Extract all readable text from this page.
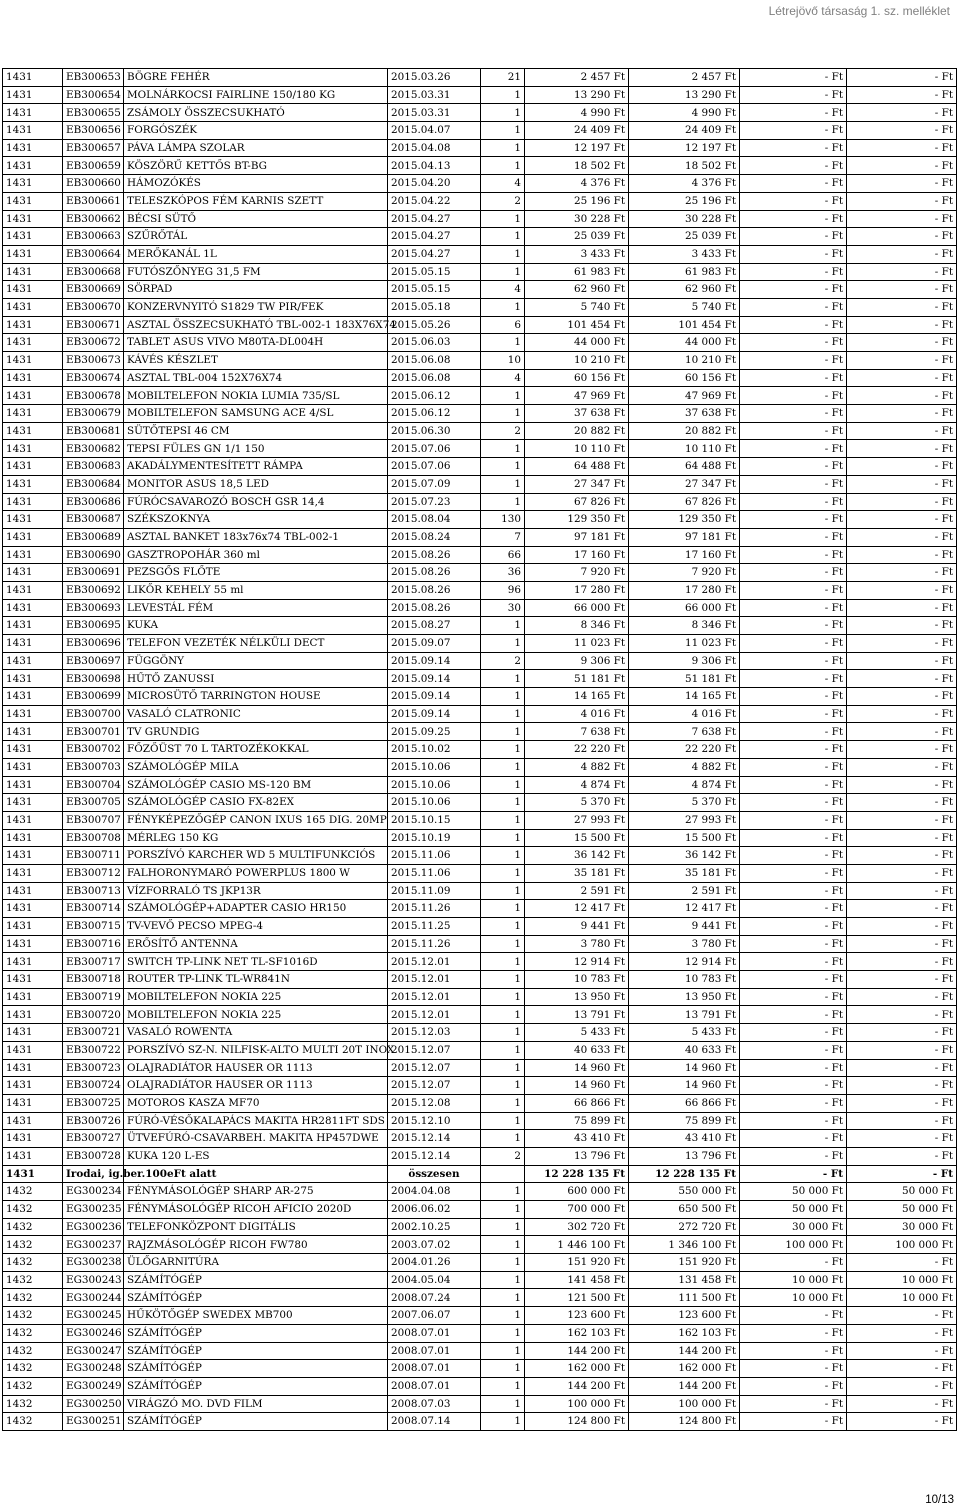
Létrejövő társaság 1. sz. melléklet
1431	EB300653	BÖGRE FEHÉR	2015.03.26	21	2 457 Ft	2 457 Ft	- Ft	- Ft
1431	EB300654	MOLNÁRKOCSI FAIRLINE 150/180 KG	2015.03.31	1	13 290 Ft	13 290 Ft	- Ft	- Ft
1431	EB300655	ZSÁMOLY ÖSSZECSUKHATÓ	2015.03.31	1	4 990 Ft	4 990 Ft	- Ft	- Ft
1431	EB300656	FORGÓSZÉK	2015.04.07	1	24 409 Ft	24 409 Ft	- Ft	- Ft
1431	EB300657	PÁVA LÁMPA SZOLAR	2015.04.08	1	12 197 Ft	12 197 Ft	- Ft	- Ft
1431	EB300659	KÖSZÖRŰ KETTŐS BT-BG	2015.04.13	1	18 502 Ft	18 502 Ft	- Ft	- Ft
1431	EB300660	HÁMOZÓKÉS	2015.04.20	4	4 376 Ft	4 376 Ft	- Ft	- Ft
1431	EB300661	TELESZKÓPOS FÉM KARNIS SZETT	2015.04.22	2	25 196 Ft	25 196 Ft	- Ft	- Ft
1431	EB300662	BÉCSI SÜTŐ	2015.04.27	1	30 228 Ft	30 228 Ft	- Ft	- Ft
1431	EB300663	SZŰRŐTÁL	2015.04.27	1	25 039 Ft	25 039 Ft	- Ft	- Ft
1431	EB300664	MERŐKANÁL 1L	2015.04.27	1	3 433 Ft	3 433 Ft	- Ft	- Ft
1431	EB300668	FUTÓSZŐNYEG 31,5 FM	2015.05.15	1	61 983 Ft	61 983 Ft	- Ft	- Ft
1431	EB300669	SÖRPAD	2015.05.15	4	62 960 Ft	62 960 Ft	- Ft	- Ft
1431	EB300670	KONZERVNYITÓ S1829 TW PIR/FEK	2015.05.18	1	5 740 Ft	5 740 Ft	- Ft	- Ft
1431	EB300671	ASZTAL ÖSSZECSUKHATÓ TBL-002-1 183X76X74	2015.05.26	6	101 454 Ft	101 454 Ft	- Ft	- Ft
1431	EB300672	TABLET ASUS VIVO M80TA-DL004H	2015.06.03	1	44 000 Ft	44 000 Ft	- Ft	- Ft
1431	EB300673	KÁVÉS KÉSZLET	2015.06.08	10	10 210 Ft	10 210 Ft	- Ft	- Ft
1431	EB300674	ASZTAL TBL-004 152X76X74	2015.06.08	4	60 156 Ft	60 156 Ft	- Ft	- Ft
1431	EB300678	MOBILTELEFON NOKIA LUMIA 735/SL	2015.06.12	1	47 969 Ft	47 969 Ft	- Ft	- Ft
1431	EB300679	MOBILTELEFON SAMSUNG ACE 4/SL	2015.06.12	1	37 638 Ft	37 638 Ft	- Ft	- Ft
1431	EB300681	SÜTŐTEPSI 46 CM	2015.06.30	2	20 882 Ft	20 882 Ft	- Ft	- Ft
1431	EB300682	TEPSI FÜLES GN 1/1 150	2015.07.06	1	10 110 Ft	10 110 Ft	- Ft	- Ft
1431	EB300683	AKADÁLYMENTESÍTETT RÁMPA	2015.07.06	1	64 488 Ft	64 488 Ft	- Ft	- Ft
1431	EB300684	MONITOR ASUS 18,5 LED	2015.07.09	1	27 347 Ft	27 347 Ft	- Ft	- Ft
1431	EB300686	FÚRÓCSAVAROZÓ BOSCH GSR 14,4	2015.07.23	1	67 826 Ft	67 826 Ft	- Ft	- Ft
1431	EB300687	SZÉKSZOKNYA	2015.08.04	130	129 350 Ft	129 350 Ft	- Ft	- Ft
1431	EB300689	ASZTAL BANKET 183x76x74 TBL-002-1	2015.08.24	7	97 181 Ft	97 181 Ft	- Ft	- Ft
1431	EB300690	GASZTROPOHÁR 360 ml	2015.08.26	66	17 160 Ft	17 160 Ft	- Ft	- Ft
1431	EB300691	PEZSGŐS FLŐTE	2015.08.26	36	7 920 Ft	7 920 Ft	- Ft	- Ft
1431	EB300692	LIKŐR KEHELY 55 ml	2015.08.26	96	17 280 Ft	17 280 Ft	- Ft	- Ft
1431	EB300693	LEVESTÁL FÉM	2015.08.26	30	66 000 Ft	66 000 Ft	- Ft	- Ft
1431	EB300695	KUKA	2015.08.27	1	8 346 Ft	8 346 Ft	- Ft	- Ft
1431	EB300696	TELEFON VEZETÉK NÉLKÜLI DECT	2015.09.07	1	11 023 Ft	11 023 Ft	- Ft	- Ft
1431	EB300697	FÜGGÖNY	2015.09.14	2	9 306 Ft	9 306 Ft	- Ft	- Ft
1431	EB300698	HŰTŐ ZANUSSI	2015.09.14	1	51 181 Ft	51 181 Ft	- Ft	- Ft
1431	EB300699	MICROSÜTŐ TARRINGTON HOUSE	2015.09.14	1	14 165 Ft	14 165 Ft	- Ft	- Ft
1431	EB300700	VASALÓ CLATRONIC	2015.09.14	1	4 016 Ft	4 016 Ft	- Ft	- Ft
1431	EB300701	TV GRUNDIG	2015.09.25	1	7 638 Ft	7 638 Ft	- Ft	- Ft
1431	EB300702	FŐZŐÜST 70 L TARTOZÉKOKKAL	2015.10.02	1	22 220 Ft	22 220 Ft	- Ft	- Ft
1431	EB300703	SZÁMOLÓGÉP MILA	2015.10.06	1	4 882 Ft	4 882 Ft	- Ft	- Ft
1431	EB300704	SZÁMOLÓGÉP CASIO MS-120 BM	2015.10.06	1	4 874 Ft	4 874 Ft	- Ft	- Ft
1431	EB300705	SZÁMOLÓGÉP CASIO FX-82EX	2015.10.06	1	5 370 Ft	5 370 Ft	- Ft	- Ft
1431	EB300707	FÉNYKÉPEZŐGÉP CANON IXUS 165 DIG. 20MP	2015.10.15	1	27 993 Ft	27 993 Ft	- Ft	- Ft
1431	EB300708	MÉRLEG 150 KG	2015.10.19	1	15 500 Ft	15 500 Ft	- Ft	- Ft
1431	EB300711	PORSZÍVÓ KARCHER WD 5 MULTIFUNKCIÓS	2015.11.06	1	36 142 Ft	36 142 Ft	- Ft	- Ft
1431	EB300712	FALHORONYMARÓ POWERPLUS 1800 W	2015.11.06	1	35 181 Ft	35 181 Ft	- Ft	- Ft
1431	EB300713	VÍZFORRALÓ TS JKP13R	2015.11.09	1	2 591 Ft	2 591 Ft	- Ft	- Ft
1431	EB300714	SZÁMOLÓGÉP+ADAPTER CASIO HR150	2015.11.26	1	12 417 Ft	12 417 Ft	- Ft	- Ft
1431	EB300715	TV-VEVŐ PECSO MPEG-4	2015.11.25	1	9 441 Ft	9 441 Ft	- Ft	- Ft
1431	EB300716	ERŐSÍTŐ ANTENNA	2015.11.26	1	3 780 Ft	3 780 Ft	- Ft	- Ft
1431	EB300717	SWITCH TP-LINK NET TL-SF1016D	2015.12.01	1	12 914 Ft	12 914 Ft	- Ft	- Ft
1431	EB300718	ROUTER TP-LINK TL-WR841N	2015.12.01	1	10 783 Ft	10 783 Ft	- Ft	- Ft
1431	EB300719	MOBILTELEFON NOKIA 225	2015.12.01	1	13 950 Ft	13 950 Ft	- Ft	- Ft
1431	EB300720	MOBILTELEFON NOKIA 225	2015.12.01	1	13 791 Ft	13 791 Ft	- Ft	- Ft
1431	EB300721	VASALÓ ROWENTA	2015.12.03	1	5 433 Ft	5 433 Ft	- Ft	- Ft
1431	EB300722	PORSZÍVÓ SZ-N. NILFISK-ALTO MULTI 20T INOX	2015.12.07	1	40 633 Ft	40 633 Ft	- Ft	- Ft
1431	EB300723	OLAJRADIÁTOR HAUSER OR 1113	2015.12.07	1	14 960 Ft	14 960 Ft	- Ft	- Ft
1431	EB300724	OLAJRADIÁTOR HAUSER OR 1113	2015.12.07	1	14 960 Ft	14 960 Ft	- Ft	- Ft
1431	EB300725	MOTOROS KASZA MF70	2015.12.08	1	66 866 Ft	66 866 Ft	- Ft	- Ft
1431	EB300726	FÚRÓ-VÉSŐKALAPÁCS MAKITA HR2811FT SDS	2015.12.10	1	75 899 Ft	75 899 Ft	- Ft	- Ft
1431	EB300727	ÜTVEFÚRÓ-CSAVARBEH. MAKITA HP457DWE	2015.12.14	1	43 410 Ft	43 410 Ft	- Ft	- Ft
1431	EB300728	KUKA 120 L-ES	2015.12.14	2	13 796 Ft	13 796 Ft	- Ft	- Ft
1431	Irodai, ig.ber.100eFt alatt		összesen		12 228 135 Ft	12 228 135 Ft	- Ft	- Ft
1432	EG300234	FÉNYMÁSOLÓGÉP SHARP AR-275	2004.04.08	1	600 000 Ft	550 000 Ft	50 000 Ft	50 000 Ft
1432	EG300235	FÉNYMÁSOLÓGÉP RICOH AFICIO 2020D	2006.06.02	1	700 000 Ft	650 500 Ft	50 000 Ft	50 000 Ft
1432	EG300236	TELEFONKÖZPONT DIGITÁLIS	2002.10.25	1	302 720 Ft	272 720 Ft	30 000 Ft	30 000 Ft
1432	EG300237	RAJZMÁSOLÓGÉP RICOH FW780	2003.07.02	1	1 446 100 Ft	1 346 100 Ft	100 000 Ft	100 000 Ft
1432	EG300238	ÜLŐGARNITÚRA	2004.01.26	1	151 920 Ft	151 920 Ft	- Ft	- Ft
1432	EG300243	SZÁMÍTÓGÉP	2004.05.04	1	141 458 Ft	131 458 Ft	10 000 Ft	10 000 Ft
1432	EG300244	SZÁMÍTÓGÉP	2008.07.24	1	121 500 Ft	111 500 Ft	10 000 Ft	10 000 Ft
1432	EG300245	HŰKÖTŐGÉP SWEDEX MB700	2007.06.07	1	123 600 Ft	123 600 Ft	- Ft	- Ft
1432	EG300246	SZÁMÍTÓGÉP	2008.07.01	1	162 103 Ft	162 103 Ft	- Ft	- Ft
1432	EG300247	SZÁMÍTÓGÉP	2008.07.01	1	144 200 Ft	144 200 Ft	- Ft	- Ft
1432	EG300248	SZÁMÍTÓGÉP	2008.07.01	1	162 000 Ft	162 000 Ft	- Ft	- Ft
1432	EG300249	SZÁMÍTÓGÉP	2008.07.01	1	144 200 Ft	144 200 Ft	- Ft	- Ft
1432	EG300250	VIRÁGZÓ MO. DVD FILM	2008.07.03	1	100 000 Ft	100 000 Ft	- Ft	- Ft
1432	EG300251	SZÁMÍTÓGÉP	2008.07.14	1	124 800 Ft	124 800 Ft	- Ft	- Ft
10/13
